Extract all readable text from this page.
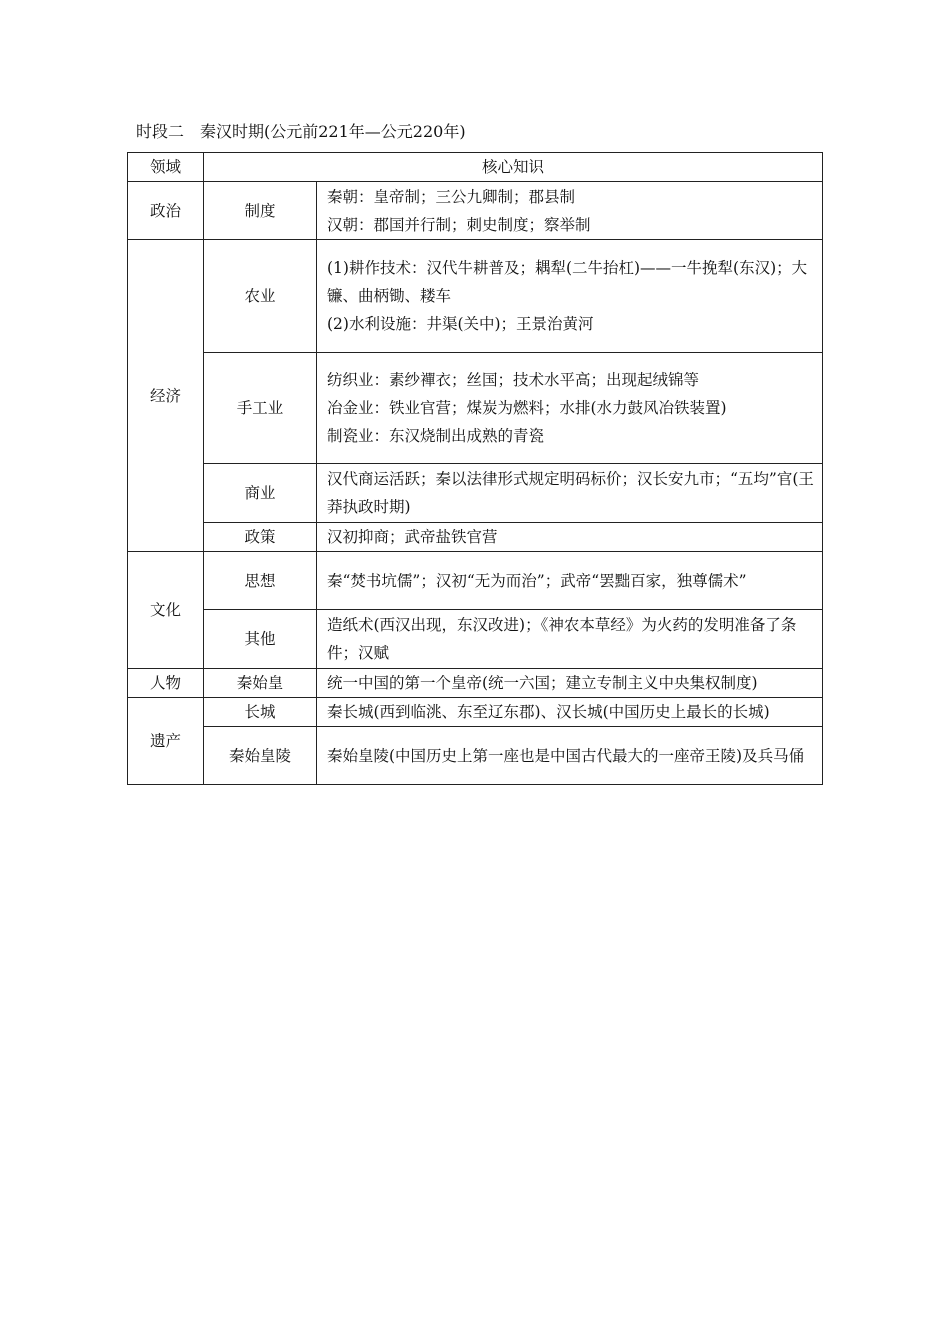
时段二　秦汉时期(公元前221年—公元220年)
领域	核心知识	
政治	制度	秦朝：皇帝制；三公九卿制；郡县制
汉朝：郡国并行制；刺史制度；察举制

经济	农业	(1)耕作技术：汉代牛耕普及；耦犁(二牛抬杠)——一牛挽犁(东汉)；大镰、曲柄锄、耧车
(2)水利设施：井渠(关中)；王景治黄河

	手工业	纺织业：素纱襌衣；丝国；技术水平高；出现起绒锦等
冶金业：铁业官营；煤炭为燃料；水排(水力鼓风冶铁装置)
制瓷业：东汉烧制出成熟的青瓷

	商业	汉代商运活跃；秦以法律形式规定明码标价；汉长安九市；“五均”官(王莽执政时期)

	政策	汉初抑商；武帝盐铁官营

文化	思想	秦“焚书坑儒”；汉初“无为而治”；武帝“罢黜百家，独尊儒术”

	其他	造纸术(西汉出现，东汉改进)；《神农本草经》为火药的发明准备了条件；汉赋

人物	秦始皇	统一中国的第一个皇帝(统一六国；建立专制主义中央集权制度)

遗产	长城	秦长城(西到临洮、东至辽东郡)、汉长城(中国历史上最长的长城)

	秦始皇陵	秦始皇陵(中国历史上第一座也是中国古代最大的一座帝王陵)及兵马俑
